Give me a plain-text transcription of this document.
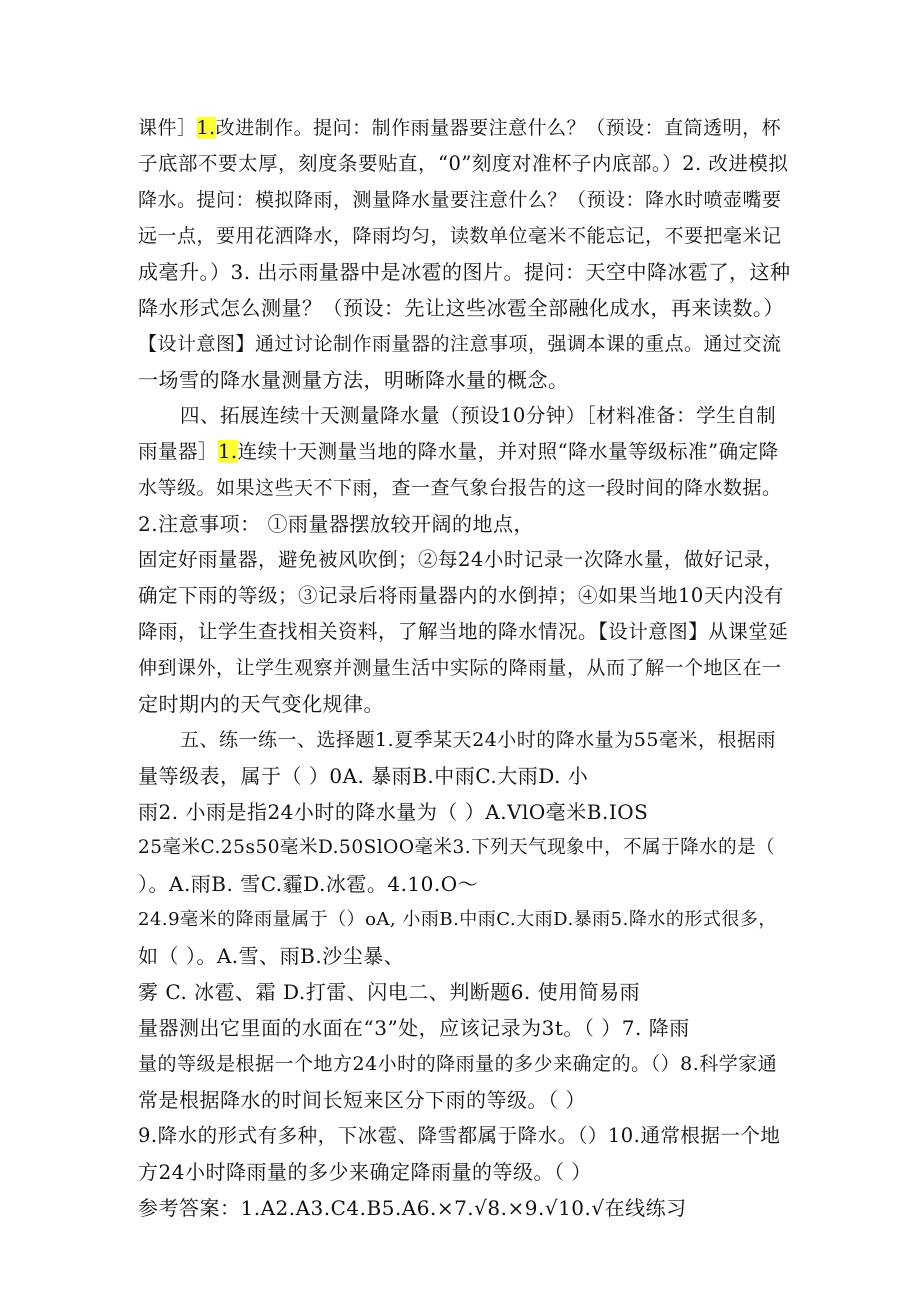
课件］1.改进制作。提问：制作雨量器要注意什么？（预设：直筒透明，杯
子底部不要太厚，刻度条要贴直，“0”刻度对准杯子内底部。）2. 改进模拟
降水。提问：模拟降雨，测量降水量要注意什么？（预设：降水时喷壶嘴要
远一点，要用花洒降水，降雨均匀，读数单位毫米不能忘记，不要把毫米记
成毫升。）3. 出示雨量器中是冰雹的图片。提问：天空中降冰雹了，这种
降水形式怎么测量？（预设：先让这些冰雹全部融化成水，再来读数。）
【设计意图】通过讨论制作雨量器的注意事项，强调本课的重点。通过交流
一场雪的降水量测量方法，明晰降水量的概念。
四、拓展连续十天测量降水量（预设10分钟）［材料准备：学生自制
雨量器］1.连续十天测量当地的降水量，并对照“降水量等级标准”确定降
水等级。如果这些天不下雨，查一查气象台报告的这一段时间的降水数据。
2.注意事项： ①雨量器摆放较开阔的地点，
固定好雨量器，避免被风吹倒；②每24小时记录一次降水量，做好记录，
确定下雨的等级；③记录后将雨量器内的水倒掉；④如果当地10天内没有
降雨，让学生查找相关资料，了解当地的降水情况。【设计意图】从课堂延
伸到课外，让学生观察并测量生活中实际的降雨量，从而了解一个地区在一
定时期内的天气变化规律。
五、练一练一、选择题1.夏季某天24小时的降水量为55毫米，根据雨
量等级表，属于（ ）0A. 暴雨B.中雨C.大雨D. 小
雨2. 小雨是指24小时的降水量为（ ）A.VlO毫米B.IOS
25毫米C.25s50毫米D.50SlOO毫米3.下列天气现象中，不属于降水的是（
）。A.雨B. 雪C.霾D.冰雹。4.10.O～
24.9毫米的降雨量属于（）oA, 小雨B.中雨C.大雨D.暴雨5.降水的形式很多，
如（ ）。A.雪、雨B.沙尘暴、
雾 C. 冰雹、霜 D.打雷、闪电二、判断题6. 使用简易雨
量器测出它里面的水面在“3”处，应该记录为3t。（ ）7. 降雨
量的等级是根据一个地方24小时的降雨量的多少来确定的。（）8.科学家通
常是根据降水的时间长短来区分下雨的等级。（ ）
9.降水的形式有多种，下冰雹、降雪都属于降水。（）10.通常根据一个地
方24小时降雨量的多少来确定降雨量的等级。（ ）
参考答案：1.A2.A3.C4.B5.A6.×7.√8.×9.√10.√在线练习
